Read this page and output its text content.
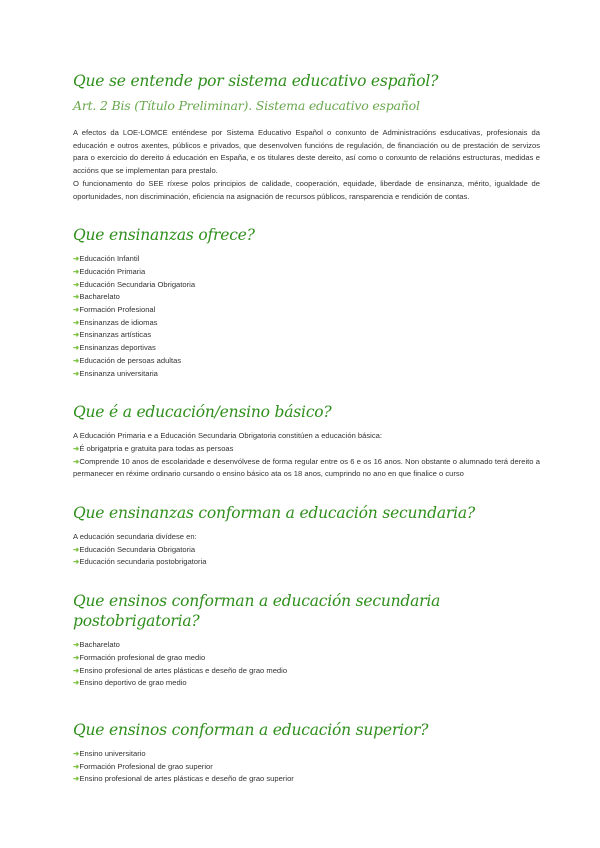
Que se entende por sistema educativo español?
Art. 2 Bis (Título Preliminar). Sistema educativo español

A efectos da LOE-LOMCE enténdese por Sistema Educativo Español o conxunto de Administracións esducativas, profesionais da educación e outros axentes, públicos e privados, que desenvolven funcións de regulación, de financiación ou de prestación de servizos para o exercicio do dereito á educación en España, e os titulares deste dereito, así como o conxunto de relacións estructuras, medidas e accións que se implementan para prestalo.

O funcionamento do SEE ríxese polos principios de calidade, cooperación, equidade, liberdade de ensinanza, mérito, igualdade de oportunidades, non discriminación, eficiencia na asignación de recursos públicos, ransparencia e rendición de contas.

Que ensinanzas ofrece?
➜Educación Infantil
➜Educación Primaria
➜Educación Secundaria Obrigatoria
➜Bacharelato
➜Formación Profesional
➜Ensinanzas de idiomas
➜Ensinanzas artísticas
➜Ensinanzas deportivas
➜Educación de persoas adultas
➜Ensinanza universitaria
Que é a educación/ensino básico?

A Educación Primaria e a Educación Secundaria Obrigatoria constitúen a educación básica:

➜É obrigatpria e gratuita para todas as persoas
➜Comprende 10 anos de escolaridade e desenvólvese de forma regular entre os 6 e os 16 anos. Non obstante o alumnado terá dereito a permanecer en réxime ordinario cursando o ensino básico ata os 18 anos, cumprindo no ano en que finalice o curso
Que ensinanzas conforman a educación secundaria?

A educación secundaria divídese en:

➜Educación Secundaria Obrigatoria
➜Educación secundaria postobrigatoria
Que ensinos conforman a educación secundaria postobrigatoria?
➜Bacharelato
➜Formación profesional de grao medio
➜Ensino profesional de artes plásticas e deseño de grao medio
➜Ensino deportivo de grao medio
Que ensinos conforman a educación superior?
➜Ensino universitario
➜Formación Profesional de grao superior
➜Ensino profesional de artes plásticas e deseño de grao superior
